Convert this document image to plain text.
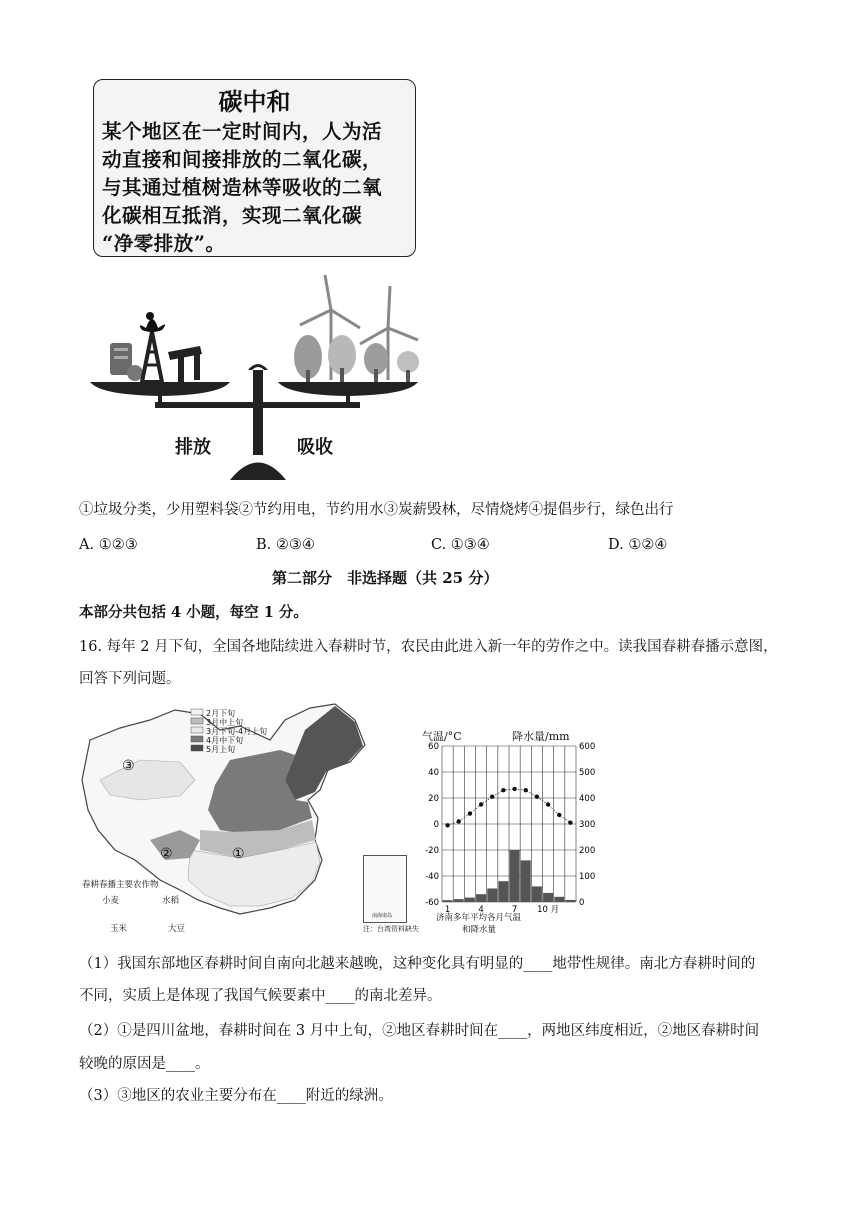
碳中和
某个地区在一定时间内，人为活
动直接和间接排放的二氧化碳，
与其通过植树造林等吸收的二氧
化碳相互抵消，实现二氧化碳
“净零排放”。
排放	吸收
①垃圾分类，少用塑料袋②节约用电，节约用水③炭薪毁林，尽情烧烤④提倡步行，绿色出行
A. ①②③	B. ②③④	C. ①③④	D. ①②④
第二部分　非选择题（共 25 分）
本部分共包括 4 小题，每空 1 分。
16. 每年 2 月下旬，全国各地陆续进入春耕时节，农民由此进入新一年的劳作之中。读我国春耕春播示意图，
回答下列问题。
2月下旬
3月中上旬
3月下旬-4月上旬
4月中下旬
5月上旬
③
②	①
春耕春播主要农作物
小麦	水稻
玉米	大豆
南海诸岛
注：台湾资料缺失
60
40
20
0
-20
-40
-60
600
500
400
300
200
100
0
1	4	7 10 月
气温/°C	降水量/mm
济南多年平均各月气温
和降水量
（1）我国东部地区春耕时间自南向北越来越晚，这种变化具有明显的____地带性规律。南北方春耕时间的
不同，实质上是体现了我国气候要素中____的南北差异。
（2）①是四川盆地，春耕时间在 3 月中上旬，②地区春耕时间在____，两地区纬度相近，②地区春耕时间
较晚的原因是____。
（3）③地区的农业主要分布在____附近的绿洲。
